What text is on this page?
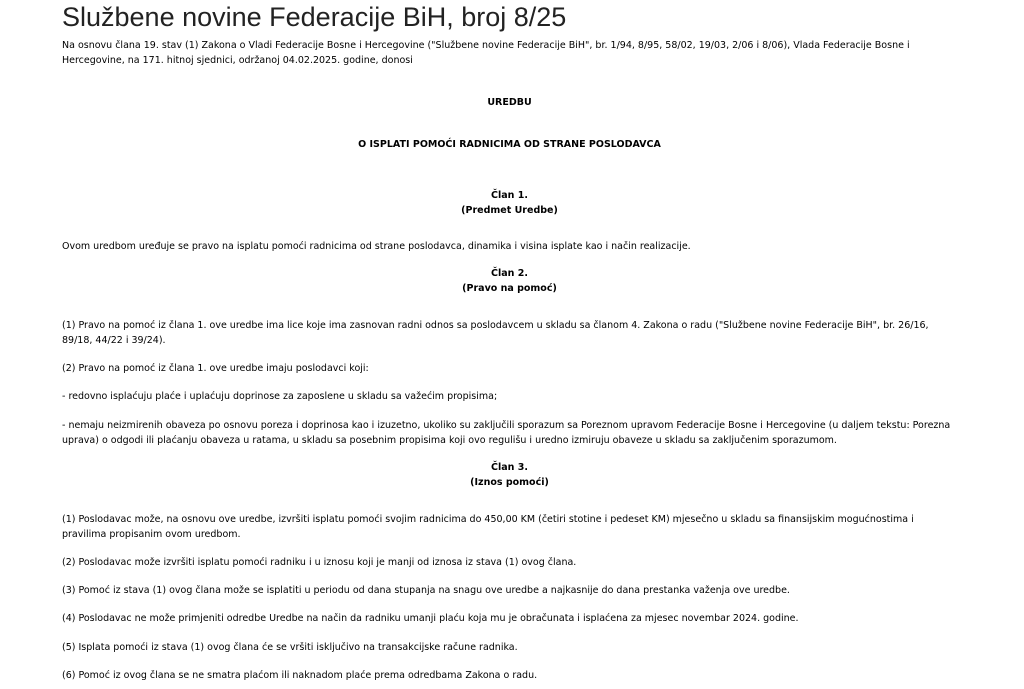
Službene novine Federacije BiH, broj 8/25

Na osnovu člana 19. stav (1) Zakona o Vladi Federacije Bosne i Hercegovine ("Službene novine Federacije BiH", br. 1/94, 8/95, 58/02, 19/03, 2/06 i 8/06), Vlada Federacije Bosne i Hercegovine, na 171. hitnoj sjednici, održanoj 04.02.2025. godine, donosi

UREDBU

O ISPLATI POMOĆI RADNICIMA OD STRANE POSLODAVCA

Član 1.

(Predmet Uredbe)

Ovom uredbom uređuje se pravo na isplatu pomoći radnicima od strane poslodavca, dinamika i visina isplate kao i način realizacije.

Član 2.

(Pravo na pomoć)

(1) Pravo na pomoć iz člana 1. ove uredbe ima lice koje ima zasnovan radni odnos sa poslodavcem u skladu sa članom 4. Zakona o radu ("Službene novine Federacije BiH", br. 26/16, 89/18, 44/22 i 39/24).

(2) Pravo na pomoć iz člana 1. ove uredbe imaju poslodavci koji:

- redovno isplaćuju plaće i uplaćuju doprinose za zaposlene u skladu sa važećim propisima;

- nemaju neizmirenih obaveza po osnovu poreza i doprinosa kao i izuzetno, ukoliko su zaključili sporazum sa Poreznom upravom Federacije Bosne i Hercegovine (u daljem tekstu: Porezna uprava) o odgodi ili plaćanju obaveza u ratama, u skladu sa posebnim propisima koji ovo regulišu i uredno izmiruju obaveze u skladu sa zaključenim sporazumom.

Član 3.

(Iznos pomoći)

(1) Poslodavac može, na osnovu ove uredbe, izvršiti isplatu pomoći svojim radnicima do 450,00 KM (četiri stotine i pedeset KM) mjesečno u skladu sa finansijskim mogućnostima i pravilima propisanim ovom uredbom.

(2) Poslodavac može izvršiti isplatu pomoći radniku i u iznosu koji je manji od iznosa iz stava (1) ovog člana.

(3) Pomoć iz stava (1) ovog člana može se isplatiti u periodu od dana stupanja na snagu ove uredbe a najkasnije do dana prestanka važenja ove uredbe.

(4) Poslodavac ne može primjeniti odredbe Uredbe na način da radniku umanji plaću koja mu je obračunata i isplaćena za mjesec novembar 2024. godine.

(5) Isplata pomoći iz stava (1) ovog člana će se vršiti isključivo na transakcijske račune radnika.

(6) Pomoć iz ovog člana se ne smatra plaćom ili naknadom plaće prema odredbama Zakona o radu.
